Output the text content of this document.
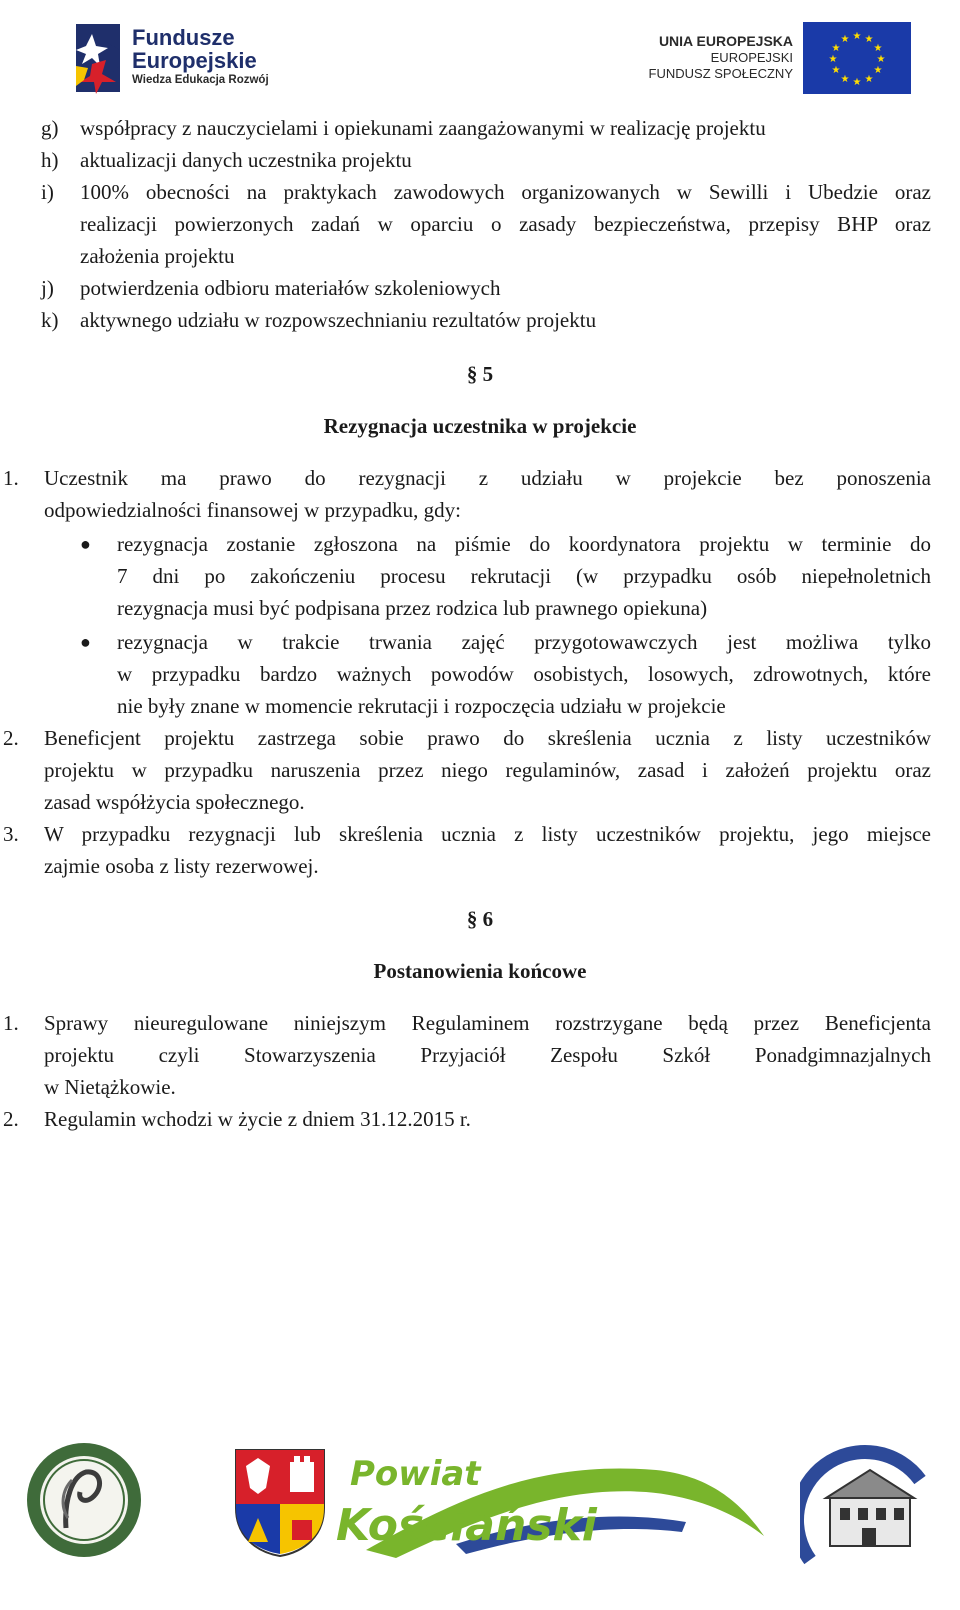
Fundusze
Europejskie
Wiedza Edukacja Rozwój
UNIA EUROPEJSKA
EUROPEJSKI
FUNDUSZ SPOŁECZNY
★ ★
★
★
★
★
★
★
★
★
★
★
g) współpracy z nauczycielami i opiekunami zaangażowanymi w realizację projektu
h) aktualizacji danych uczestnika projektu
i) 100% obecności na praktykach zawodowych organizowanych w Sewilli i Ubedzie oraz
realizacji powierzonych zadań w oparciu o zasady bezpieczeństwa, przepisy BHP oraz
założenia projektu
j) potwierdzenia odbioru materiałów szkoleniowych
k) aktywnego udziału w rozpowszechnianiu rezultatów projektu
§ 5
Rezygnacja uczestnika w projekcie
1. Uczestnik ma prawo do rezygnacji z udziału w projekcie bez ponoszenia
odpowiedzialności finansowej w przypadku, gdy:
● rezygnacja zostanie zgłoszona na piśmie do koordynatora projektu w terminie do
7 dni po zakończeniu procesu rekrutacji (w przypadku osób niepełnoletnich
rezygnacja musi być podpisana przez rodzica lub prawnego opiekuna)
● rezygnacja w trakcie trwania zajęć przygotowawczych jest możliwa tylko
w przypadku bardzo ważnych powodów osobistych, losowych, zdrowotnych, które
nie były znane w momencie rekrutacji i rozpoczęcia udziału w projekcie
2. Beneficjent projektu zastrzega sobie prawo do skreślenia ucznia z listy uczestników
projektu w przypadku naruszenia przez niego regulaminów, zasad i założeń projektu oraz
zasad współżycia społecznego.
3. W przypadku rezygnacji lub skreślenia ucznia z listy uczestników projektu, jego miejsce
zajmie osoba z listy rezerwowej.
§ 6
Postanowienia końcowe
1. Sprawy nieuregulowane niniejszym Regulaminem rozstrzygane będą przez Beneficjenta
projektu czyli Stowarzyszenia Przyjaciół Zespołu Szkół Ponadgimnazjalnych
w Nietążkowie.
2. Regulamin wchodzi w życie z dniem 31.12.2015 r.
Powiat
Kościański
